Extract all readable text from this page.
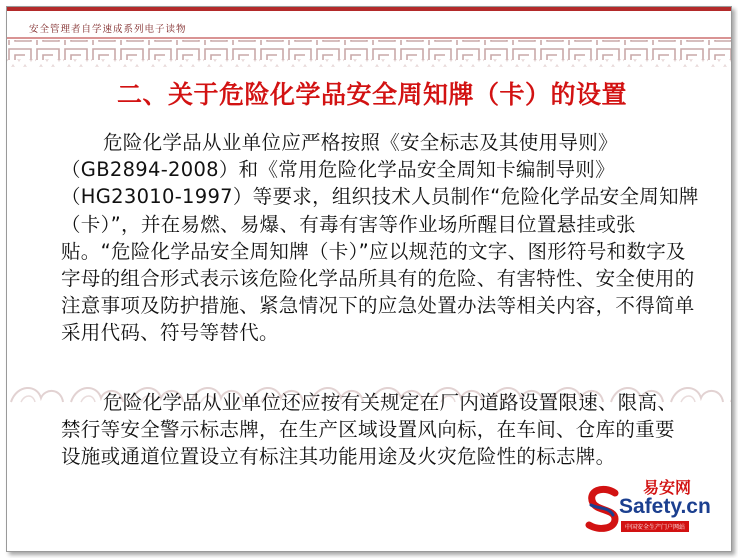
安全管理者自学速成系列电子读物
二、关于危险化学品安全周知牌（卡）的设置

危险化学品从业单位应严格按照《安全标志及其使用导则》（GB2894-2008）和《常用危险化学品安全周知卡编制导则》（HG23010-1997）等要求，组织技术人员制作“危险化学品安全周知牌（卡）”，并在易燃、易爆、有毒有害等作业场所醒目位置悬挂或张贴。“危险化学品安全周知牌（卡）”应以规范的文字、图形符号和数字及字母的组合形式表示该危险化学品所具有的危险、有害特性、安全使用的注意事项及防护措施、紧急情况下的应急处置办法等相关内容，不得简单采用代码、符号等替代。

危险化学品从业单位还应按有关规定在厂内道路设置限速、限高、禁行等安全警示标志牌，在生产区域设置风向标，在车间、仓库的重要设施或通道位置设立有标注其功能用途及火灾危险性的标志牌。

易安网
Safety.cn
中国安全生产门户网站
